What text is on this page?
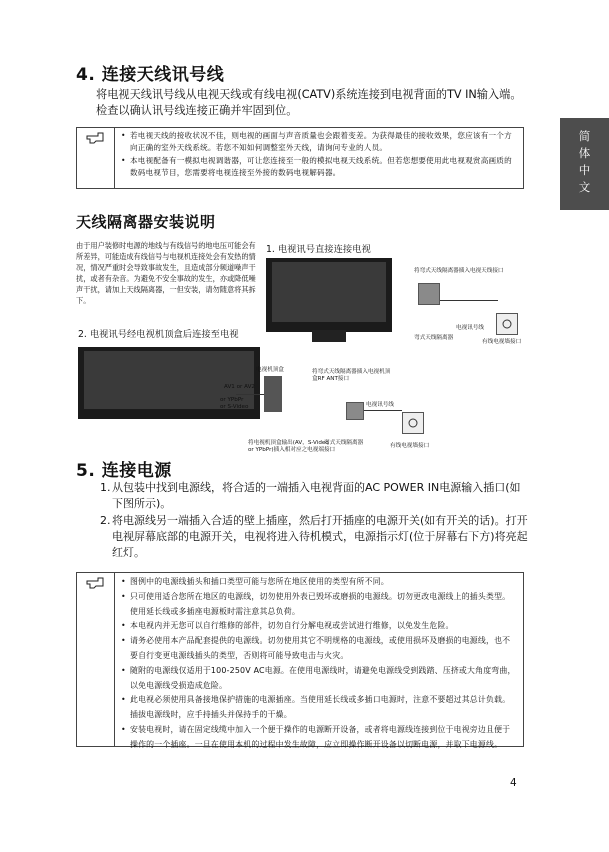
简
体
中
文
4. 连接天线讯号线
将电视天线讯号线从电视天线或有线电视(CATV)系统连接到电视背面的TV IN输入端。检查以确认讯号线连接正确并牢固到位。
• 若电视天线的接收状况不佳，则电视的画面与声音质量也会跟着变差。为获得最佳的接收效果，您应该有一个方向正确的室外天线系统。若您不知如何调整室外天线，请询问专业的人员。
• 本电视配备有一模拟电视调谐器，可让您连接至一般的模拟电视天线系统。但若您想要使用此电视观赏高画质的数码电视节目，您需要将电视连接至外接的数码电视解码器。
天线隔离器安装说明
由于用户装修时电源的地线与有线信号的地电压可能会有所差异，可能造成有线信号与电视机连接处会有发热的情况，情况严重时会导致事故发生，且造成部分频道噪声干扰，或者有杂音。为避免不安全事故的发生，亦或降低噪声干扰，请加上天线隔离器，一但安装，请勿随意将其拆下。
1. 电视讯号直接连接电视
将弯式天线隔离器插入电视天线接口
弯式天线隔离器
电视讯号线
有线电视墙接口
2. 电视讯号经电视机顶盒后连接至电视
电视机顶盒
AV1 or AV2
or YPbPr
or S-Video
将电视机顶盒输出(AV，S-Video or YPbPr)插入相对应之电视端接口
将弯式天线隔离器插入电视机顶盒RF ANT接口
弯式天线隔离器
电视讯号线
有线电视墙接口
5. 连接电源
1. 从包装中找到电源线，将合适的一端插入电视背面的AC POWER IN电源输入插口(如下图所示)。
2. 将电源线另一端插入合适的壁上插座，然后打开插座的电源开关(如有开关的话)。打开电视屏幕底部的电源开关，电视将进入待机模式，电源指示灯(位于屏幕右下方)将亮起红灯。
• 图例中的电源线插头和插口类型可能与您所在地区使用的类型有所不同。
• 只可使用适合您所在地区的电源线，切勿使用外表已毁坏或磨损的电源线。切勿更改电源线上的插头类型。使用延长线或多插座电源板时需注意其总负荷。
• 本电视内并无您可以自行维修的部件，切勿自行分解电视或尝试进行维修，以免发生危险。
• 请务必使用本产品配套提供的电源线。切勿使用其它不明规格的电源线，或使用损坏及磨损的电源线，也不要自行变更电源线插头的类型，否则将可能导致电击与火灾。
• 随附的电源线仅适用于100-250V AC电源。在使用电源线时，请避免电源线受到践踏、压挤或大角度弯曲，以免电源线受损造成危险。
• 此电视必须使用具备接地保护措施的电源插座。当使用延长线或多插口电源时，注意不要超过其总计负载。插拔电源线时，应手持插头并保持手的干燥。
• 安装电视时，请在固定线缆中加入一个便于操作的电源断开设备，或者将电源线连接到位于电视旁边且便于操作的一个插座。一旦在使用本机的过程中发生故障，应立即操作断开设备以切断电源，并取下电源线。
4
